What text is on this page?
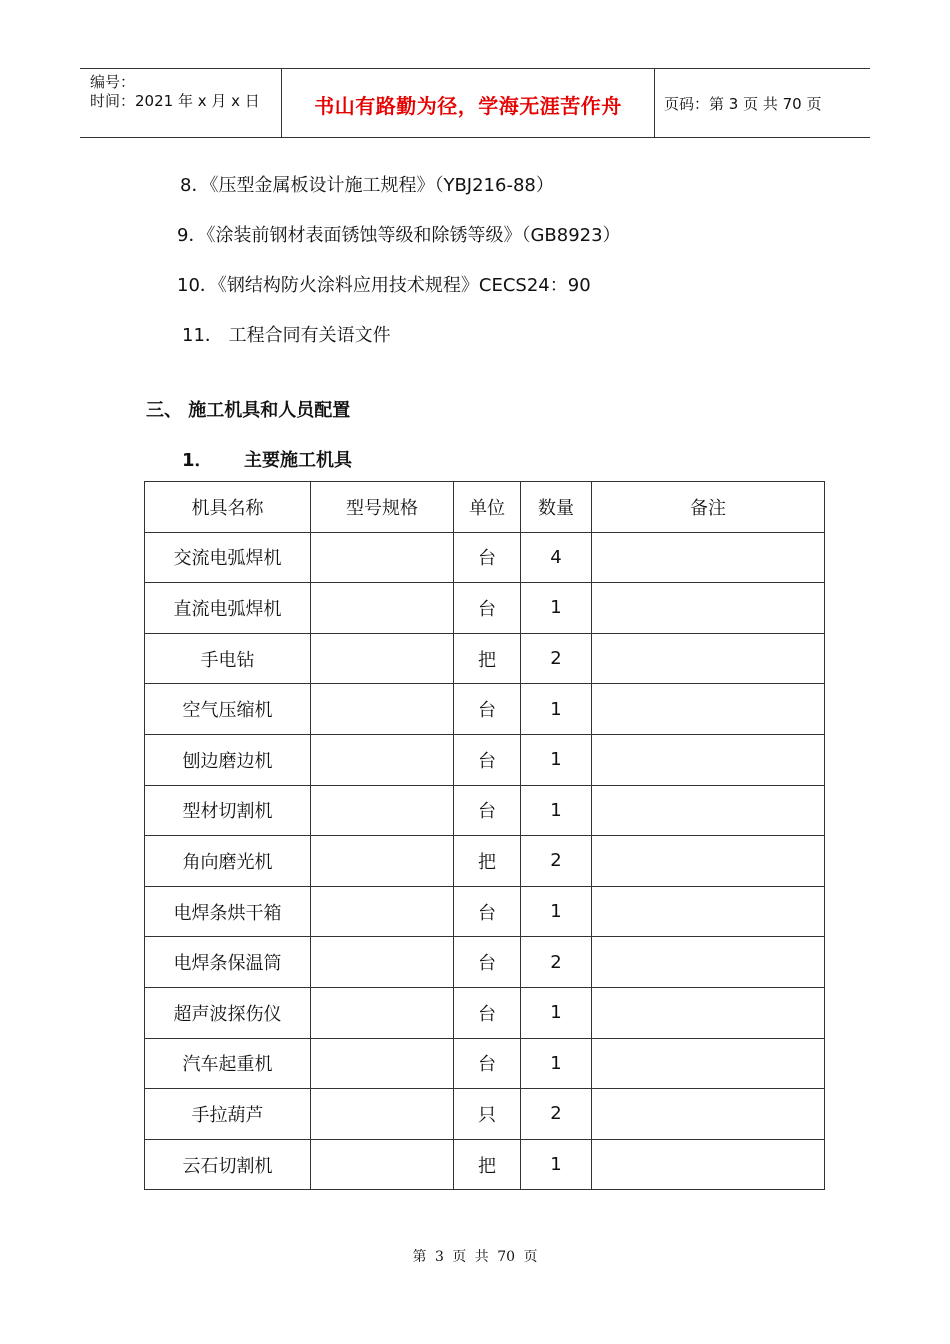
编号：
时间：2021 年 x 月 x 日	书山有路勤为径，学海无涯苦作舟	页码：第 3 页 共 70 页
8．《压型金属板设计施工规程》（YBJ216-88）
9．《涂装前钢材表面锈蚀等级和除锈等级》（GB8923）
10．《钢结构防火涂料应用技术规程》CECS24：90
11． 工程合同有关语文件
三、 施工机具和人员配置
1． 主要施工机具
机具名称	型号规格	单位	数量	备注
交流电弧焊机		台	4	
直流电弧焊机		台	1	
手电钻		把	2	
空气压缩机		台	1	
刨边磨边机		台	1	
型材切割机		台	1	
角向磨光机		把	2	
电焊条烘干箱		台	1	
电焊条保温筒		台	2	
超声波探伤仪		台	1	
汽车起重机		台	1	
手拉葫芦		只	2	
云石切割机		把	1	
第 3 页 共 70 页
